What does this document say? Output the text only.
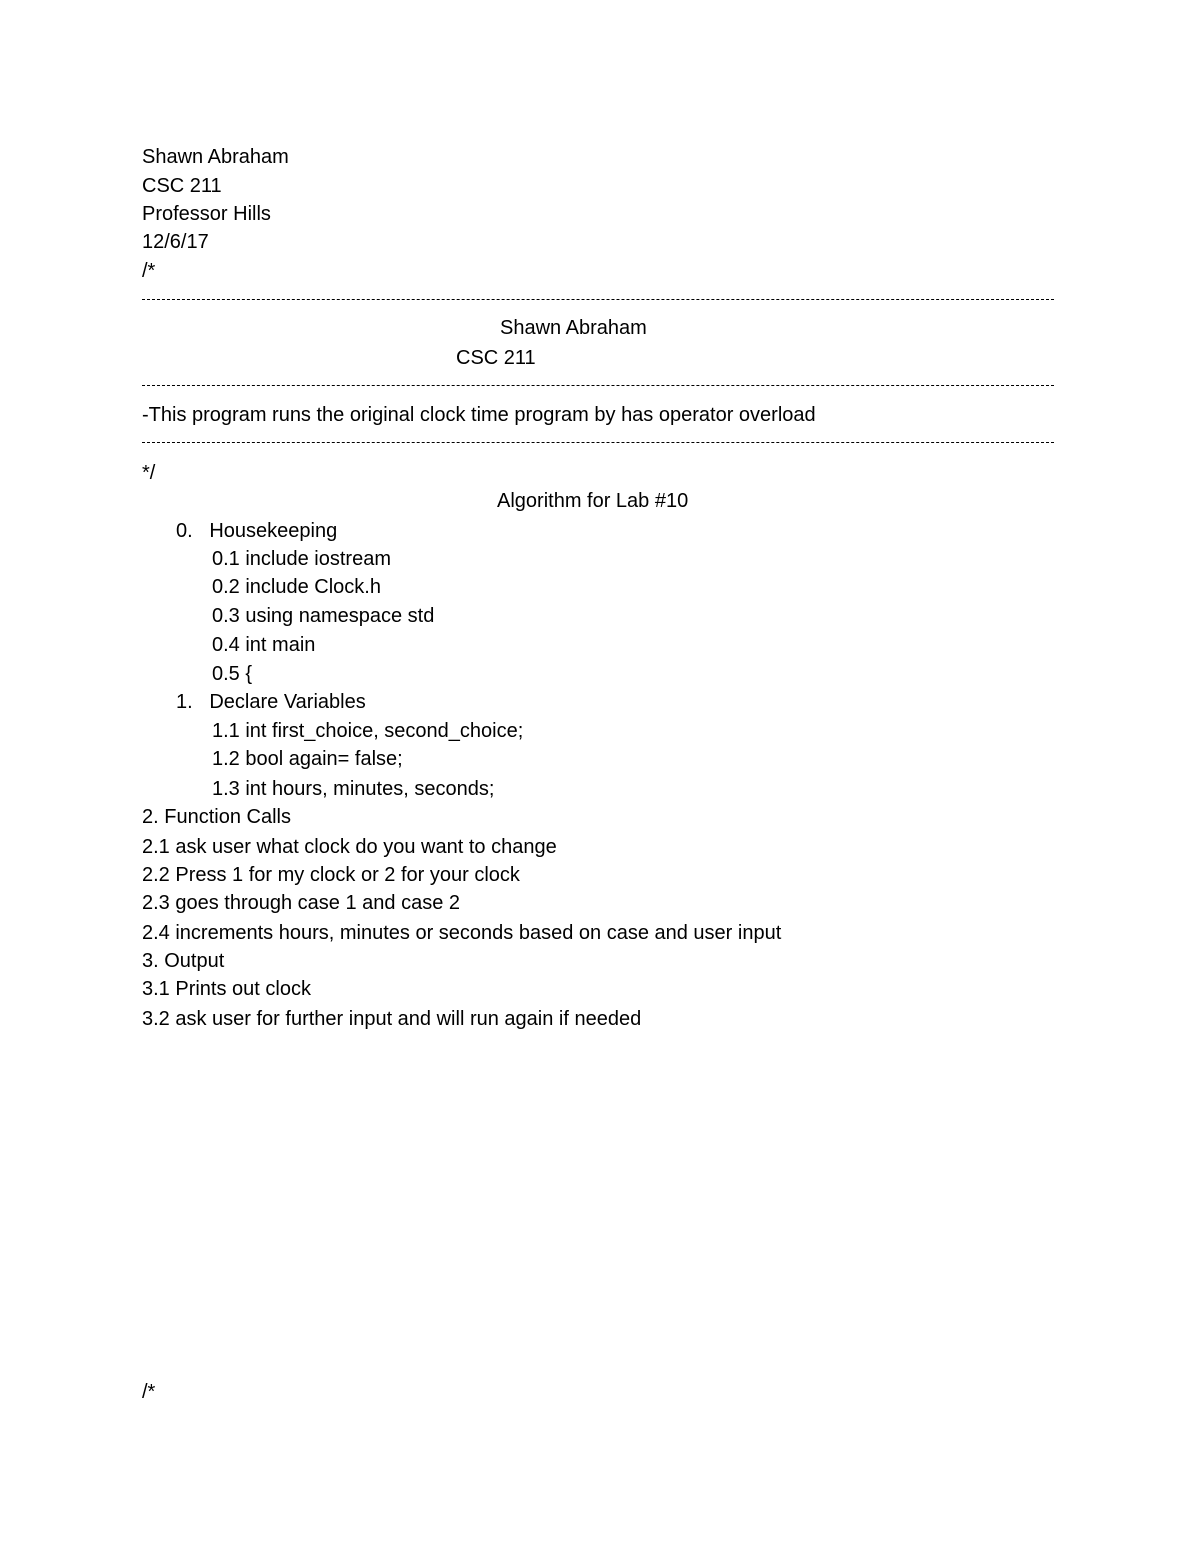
Shawn Abraham
CSC 211
Professor Hills
12/6/17
/*
Shawn Abraham
CSC 211
-This program runs the original clock time program by has operator overload
*/
Algorithm for Lab #10
0.   Housekeeping
0.1 include iostream
0.2 include Clock.h
0.3 using namespace std
0.4 int main
0.5 {
1.   Declare Variables
1.1 int first_choice, second_choice;
1.2 bool again= false;
1.3 int hours, minutes, seconds;
2. Function Calls
2.1 ask user what clock do you want to change
2.2 Press 1 for my clock or 2 for your clock
2.3 goes through case 1 and case 2
2.4 increments hours, minutes or seconds based on case and user input
3. Output
3.1 Prints out clock
3.2 ask user for further input and will run again if needed
/*
